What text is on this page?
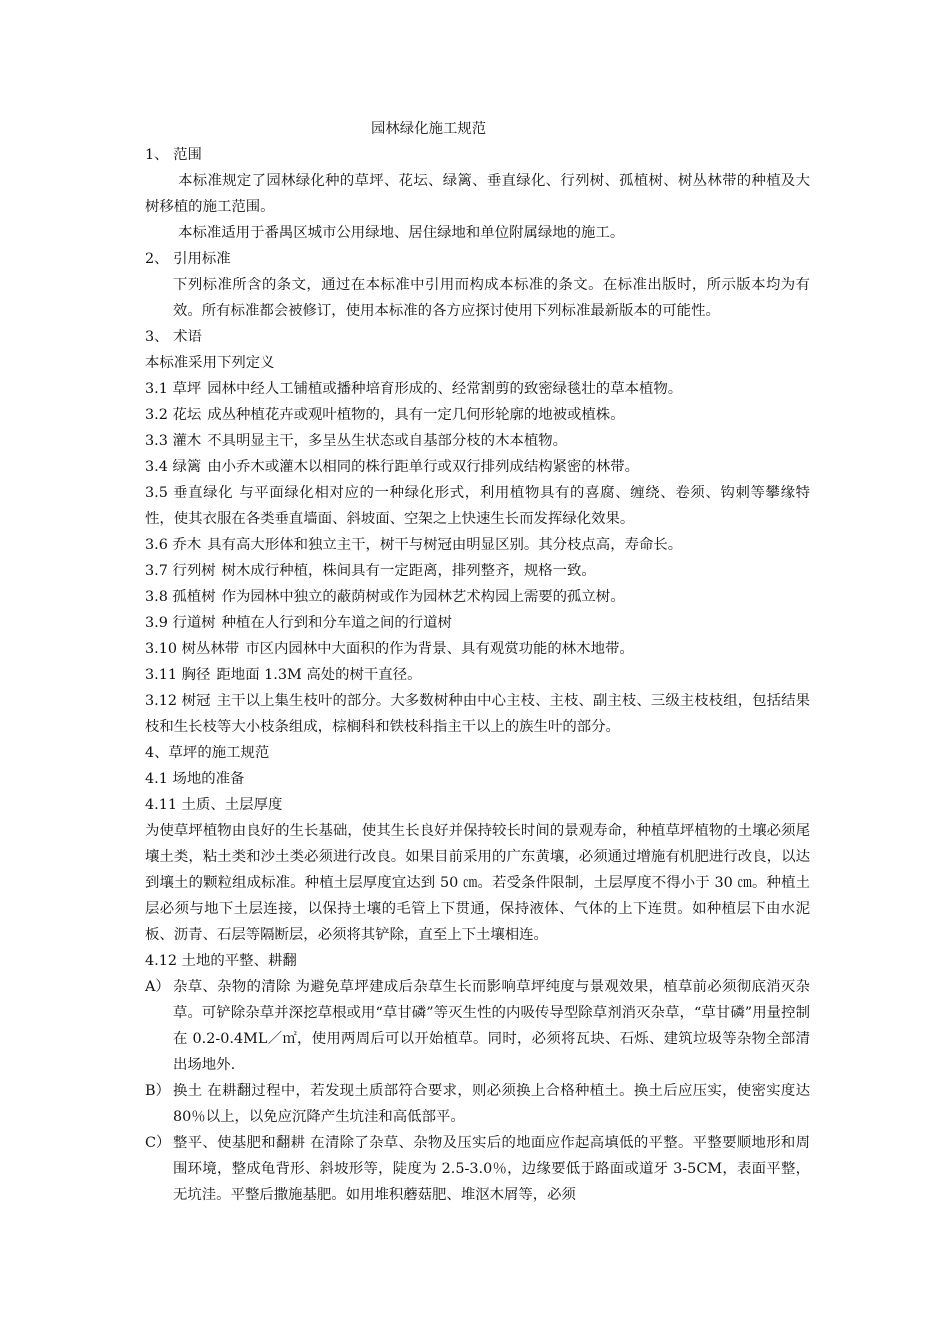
园林绿化施工规范

1、 范围

本标准规定了园林绿化种的草坪、花坛、绿篱、垂直绿化、行列树、孤植树、树丛林带的种植及大树移植的施工范围。

本标准适用于番禺区城市公用绿地、居住绿地和单位附属绿地的施工。

2、 引用标准

下列标准所含的条文，通过在本标准中引用而构成本标准的条文。在标准出版时，所示版本均为有效。所有标准都会被修订，使用本标准的各方应探讨使用下列标准最新版本的可能性。

3、 术语

本标准采用下列定义

3.1 草坪 园林中经人工铺植或播种培育形成的、经常割剪的致密绿毯壮的草本植物。

3.2 花坛 成丛种植花卉或观叶植物的，具有一定几何形轮廓的地被或植株。

3.3 灌木 不具明显主干，多呈丛生状态或自基部分枝的木本植物。

3.4 绿篱 由小乔木或灌木以相同的株行距单行或双行排列成结构紧密的林带。

3.5 垂直绿化 与平面绿化相对应的一种绿化形式，利用植物具有的喜腐、缠绕、卷须、钩刺等攀缘特性，使其衣服在各类垂直墙面、斜坡面、空架之上快速生长而发挥绿化效果。

3.6 乔木 具有高大形体和独立主干，树干与树冠由明显区别。其分枝点高，寿命长。

3.7 行列树 树木成行种植，株间具有一定距离，排列整齐，规格一致。

3.8 孤植树 作为园林中独立的蔽荫树或作为园林艺术构园上需要的孤立树。

3.9 行道树 种植在人行到和分车道之间的行道树

3.10 树丛林带 市区内园林中大面积的作为背景、具有观赏功能的林木地带。

3.11 胸径 距地面 1.3M 高处的树干直径。

3.12 树冠 主干以上集生枝叶的部分。大多数树种由中心主枝、主枝、副主枝、三级主枝枝组，包括结果枝和生长枝等大小枝条组成，棕榈科和铁枝科指主干以上的族生叶的部分。

4、草坪的施工规范

4.1 场地的准备

4.11 土质、土层厚度

为使草坪植物由良好的生长基础，使其生长良好并保持较长时间的景观寿命，种植草坪植物的土壤必须尾壤土类，粘土类和沙土类必须进行改良。如果目前采用的广东黄壤，必须通过增施有机肥进行改良，以达到壤土的颗粒组成标准。种植土层厚度宜达到 50 ㎝。若受条件限制，土层厚度不得小于 30 ㎝。种植土层必须与地下土层连接，以保持土壤的毛管上下贯通，保持液体、气体的上下连贯。如种植层下由水泥板、沥青、石层等隔断层，必须将其铲除，直至上下土壤相连。

4.12 土地的平整、耕翻

A） 杂草、杂物的清除 为避免草坪建成后杂草生长而影响草坪纯度与景观效果，植草前必须彻底消灭杂草。可铲除杂草并深挖草根或用“草甘磷”等灭生性的内吸传导型除草剂消灭杂草，“草甘磷”用量控制在 0.2-0.4ML／㎡，使用两周后可以开始植草。同时，必须将瓦块、石烁、建筑垃圾等杂物全部清出场地外.
B） 换土 在耕翻过程中，若发现土质部符合要求，则必须换上合格种植土。换土后应压实，使密实度达 80％以上，以免应沉降产生坑洼和高低部平。
C） 整平、使基肥和翻耕 在清除了杂草、杂物及压实后的地面应作起高填低的平整。平整要顺地形和周围环境，整成龟背形、斜坡形等，陡度为 2.5-3.0％，边缘要低于路面或道牙 3-5CM，表面平整，无坑洼。平整后撒施基肥。如用堆积蘑菇肥、堆沤木屑等，必须
